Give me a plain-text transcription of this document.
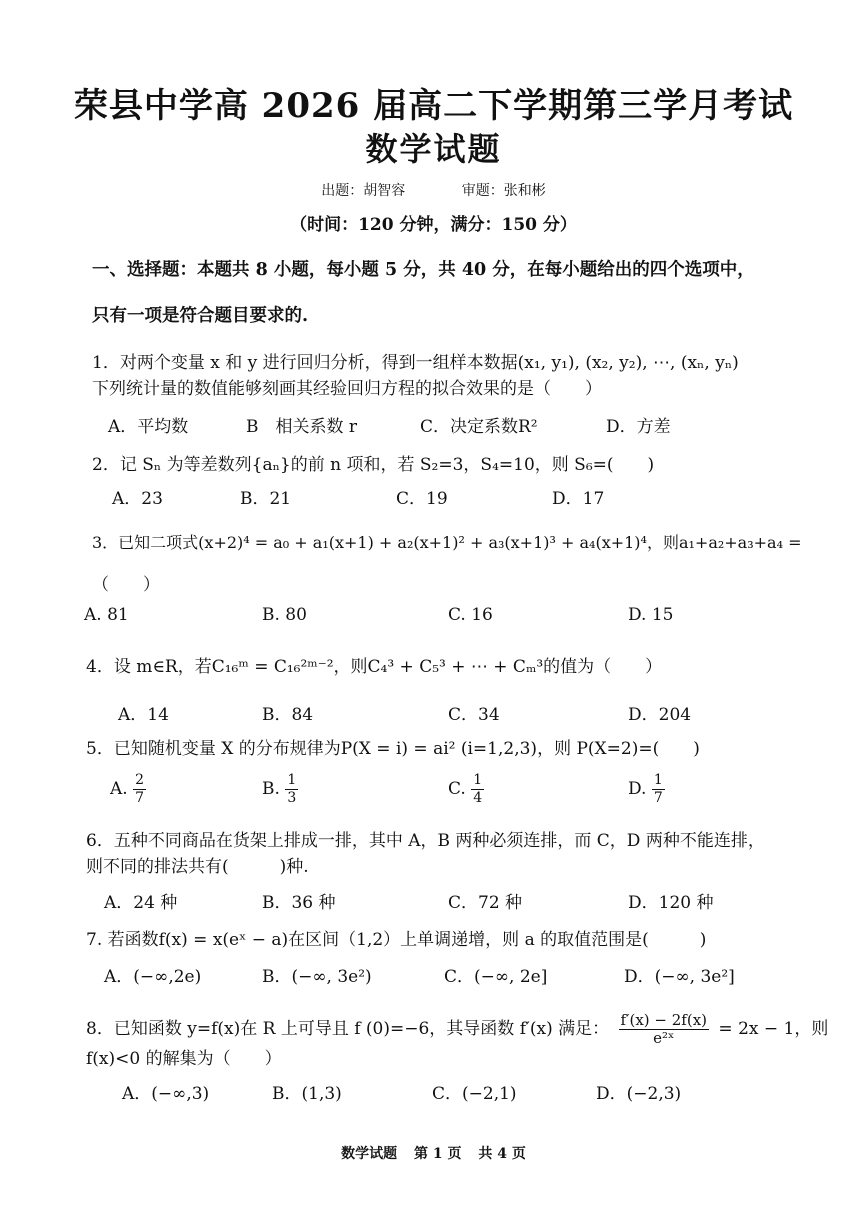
荣县中学高 2026 届高二下学期第三学月考试
数学试题
出题：胡智容	审题：张和彬
（时间：120 分钟，满分：150 分）
一、选择题：本题共 8 小题，每小题 5 分，共 40 分，在每小题给出的四个选项中，
只有一项是符合题目要求的.
1．对两个变量 x 和 y 进行回归分析，得到一组样本数据(x₁, y₁), (x₂, y₂), ⋯, (xₙ, yₙ)
下列统计量的数值能够刻画其经验回归方程的拟合效果的是（　　）
A．平均数	B　相关系数 r	C．决定系数R²	D．方差
2．记 Sₙ 为等差数列{aₙ}的前 n 项和，若 S₂=3，S₄=10，则 S₆=(　　)
A．23	B．21	C．19	D．17
3．已知二项式(x+2)⁴ = a₀ + a₁(x+1) + a₂(x+1)² + a₃(x+1)³ + a₄(x+1)⁴，则a₁+a₂+a₃+a₄ =
（　　）
A. 81	B. 80	C. 16	D. 15
4．设 m∈R，若C₁₆ᵐ = C₁₆²ᵐ⁻²，则C₄³ + C₅³ + ⋯ + Cₘ³的值为（　　）
A．14	B．84	C．34	D．204
5．已知随机变量 X 的分布规律为P(X = i) = ai² (i=1,2,3)，则 P(X=2)=(　　)
A. $\frac{2}{7}$	B. $\frac{1}{3}$	C. $\frac{1}{4}$	D. $\frac{1}{7}$
6．五种不同商品在货架上排成一排，其中 A，B 两种必须连排，而 C，D 两种不能连排，
则不同的排法共有(　　　)种.
A．24 种	B．36 种	C．72 种	D．120 种
7. 若函数f(x) = x(eˣ − a)在区间（1,2）上单调递增，则 a 的取值范围是(　　　)
A．(−∞,2e)	B．(−∞, 3e²)	C．(−∞, 2e]	D．(−∞, 3e²]
8．已知函数 y=f(x)在 R 上可导且 f (0)=−6，其导函数 f′(x) 满足： $\frac{f'(x) - 2f(x)}{\text{e²ˣ}} = 2x - 1$，则
f(x)<0 的解集为（　　）
A．(−∞,3)	B．(1,3)	C．(−2,1)	D．(−2,3)
数学试题 第 1 页 共 4 页
